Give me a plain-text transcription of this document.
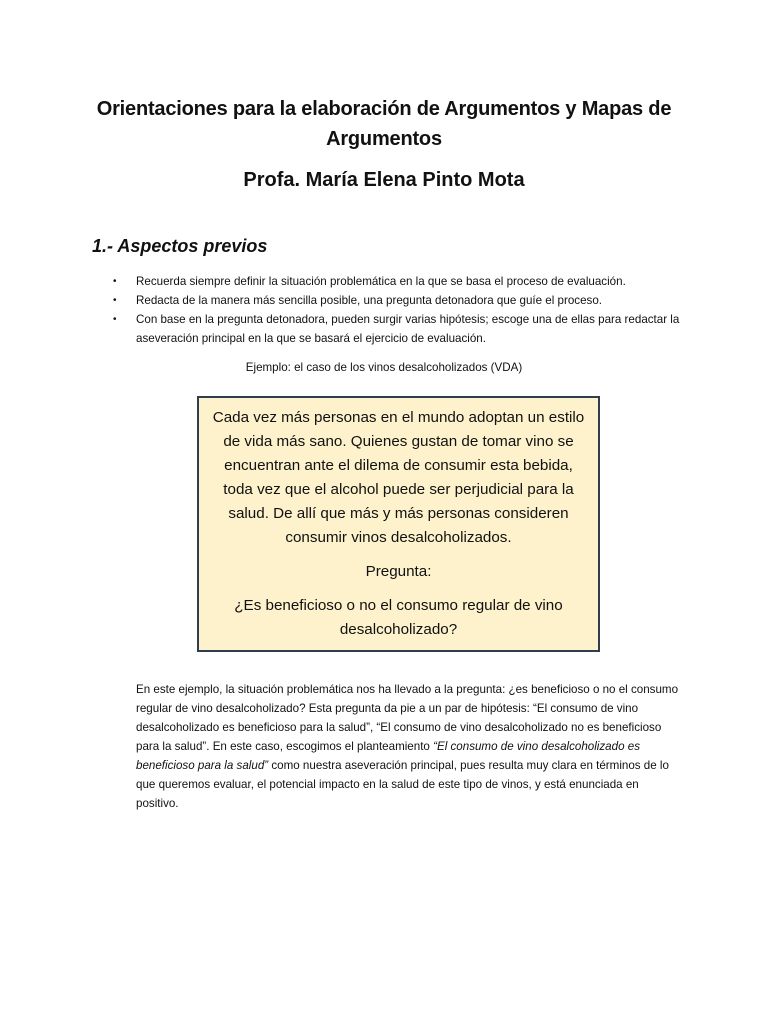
Orientaciones para la elaboración de Argumentos y Mapas de Argumentos
Profa. María Elena Pinto Mota
1.- Aspectos previos
• Recuerda siempre definir la situación problemática en la que se basa el proceso de evaluación.
• Redacta de la manera más sencilla posible, una pregunta detonadora que guíe el proceso.
• Con base en la pregunta detonadora, pueden surgir varias hipótesis; escoge una de ellas para redactar la aseveración principal en la que se basará el ejercicio de evaluación.
Ejemplo: el caso de los vinos desalcoholizados (VDA)

Cada vez más personas en el mundo adoptan un estilo de vida más sano. Quienes gustan de tomar vino se encuentran ante el dilema de consumir esta bebida, toda vez que el alcohol puede ser perjudicial para la salud. De allí que más y más personas consideren consumir vinos desalcoholizados.

Pregunta:

¿Es beneficioso o no el consumo regular de vino desalcoholizado?

En este ejemplo, la situación problemática nos ha llevado a la pregunta: ¿es beneficioso o no el consumo regular de vino desalcoholizado? Esta pregunta da pie a un par de hipótesis: “El consumo de vino desalcoholizado es beneficioso para la salud”, “El consumo de vino desalcoholizado no es beneficioso para la salud”. En este caso, escogimos el planteamiento “El consumo de vino desalcoholizado es beneficioso para la salud” como nuestra aseveración principal, pues resulta muy clara en términos de lo que queremos evaluar, el potencial impacto en la salud de este tipo de vinos, y está enunciada en positivo.
